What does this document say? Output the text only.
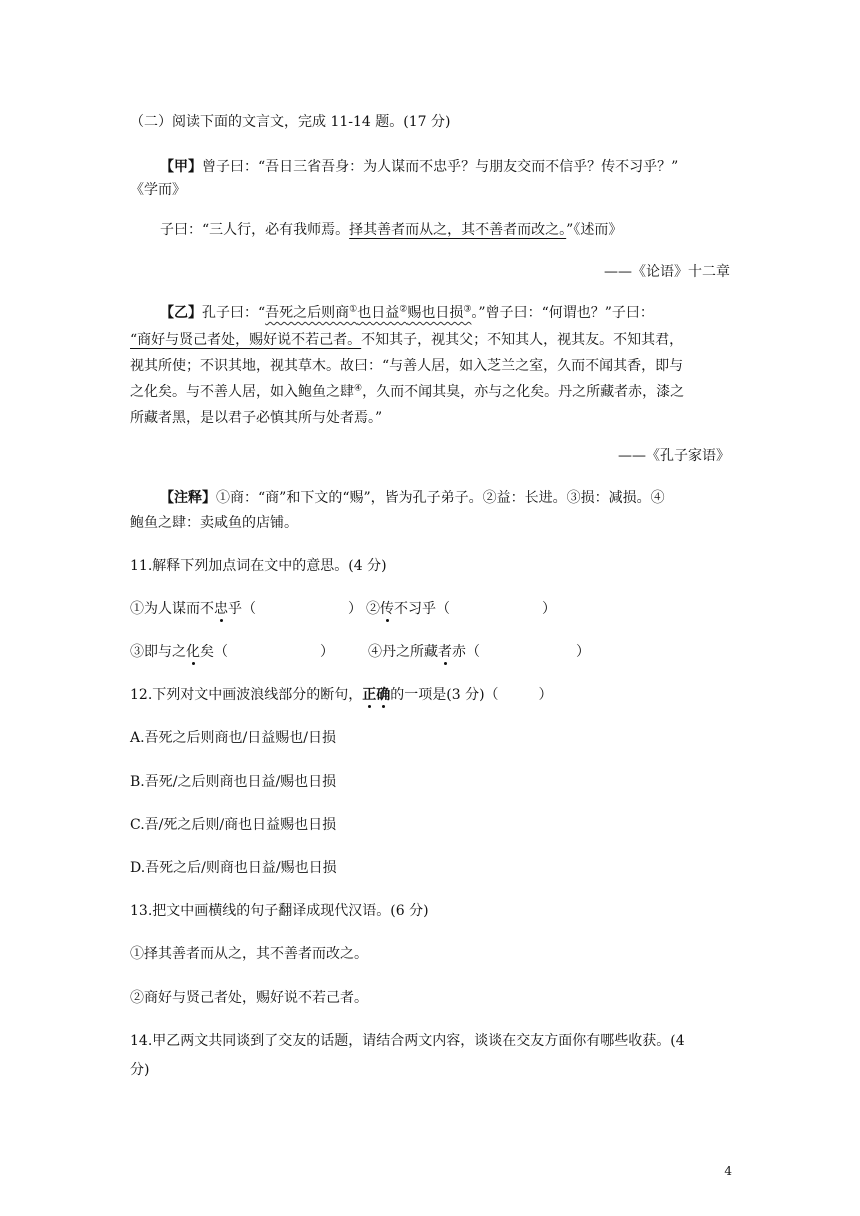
（二）阅读下面的文言文，完成 11-14 题。(17 分)
【甲】曾子曰：“吾日三省吾身：为人谋而不忠乎？与朋友交而不信乎？传不习乎？”
《学而》
子曰：“三人行，必有我师焉。择其善者而从之，其不善者而改之。”《述而》
——《论语》十二章
【乙】孔子曰：“吾死之后则商①也日益②赐也日损③。”曾子曰：“何谓也？”子曰：
“商好与贤己者处，赐好说不若己者。不知其子，视其父；不知其人，视其友。不知其君，
视其所使；不识其地，视其草木。故曰：“与善人居，如入芝兰之室，久而不闻其香，即与
之化矣。与不善人居，如入鲍鱼之肆④，久而不闻其臭，亦与之化矣。丹之所藏者赤，漆之
所藏者黑，是以君子必慎其所与处者焉。”
——《孔子家语》
【注释】①商：“商”和下文的“赐”，皆为孔子弟子。②益：长进。③损：减损。④
鲍鱼之肆：卖咸鱼的店铺。
11.解释下列加点词在文中的意思。(4 分)
①为人谋而不忠乎（	） ②传不习乎（	）
③即与之化矣（	） ④丹之所藏者赤（	）
12.下列对文中画波浪线部分的断句，正确的一项是(3 分)（	）
A.吾死之后则商也/日益赐也/日损
B.吾死/之后则商也日益/赐也日损
C.吾/死之后则/商也日益赐也日损
D.吾死之后/则商也日益/赐也日损
13.把文中画横线的句子翻译成现代汉语。(6 分)
①择其善者而从之，其不善者而改之。
②商好与贤己者处，赐好说不若己者。
14.甲乙两文共同谈到了交友的话题，请结合两文内容，谈谈在交友方面你有哪些收获。(4
分)
4
